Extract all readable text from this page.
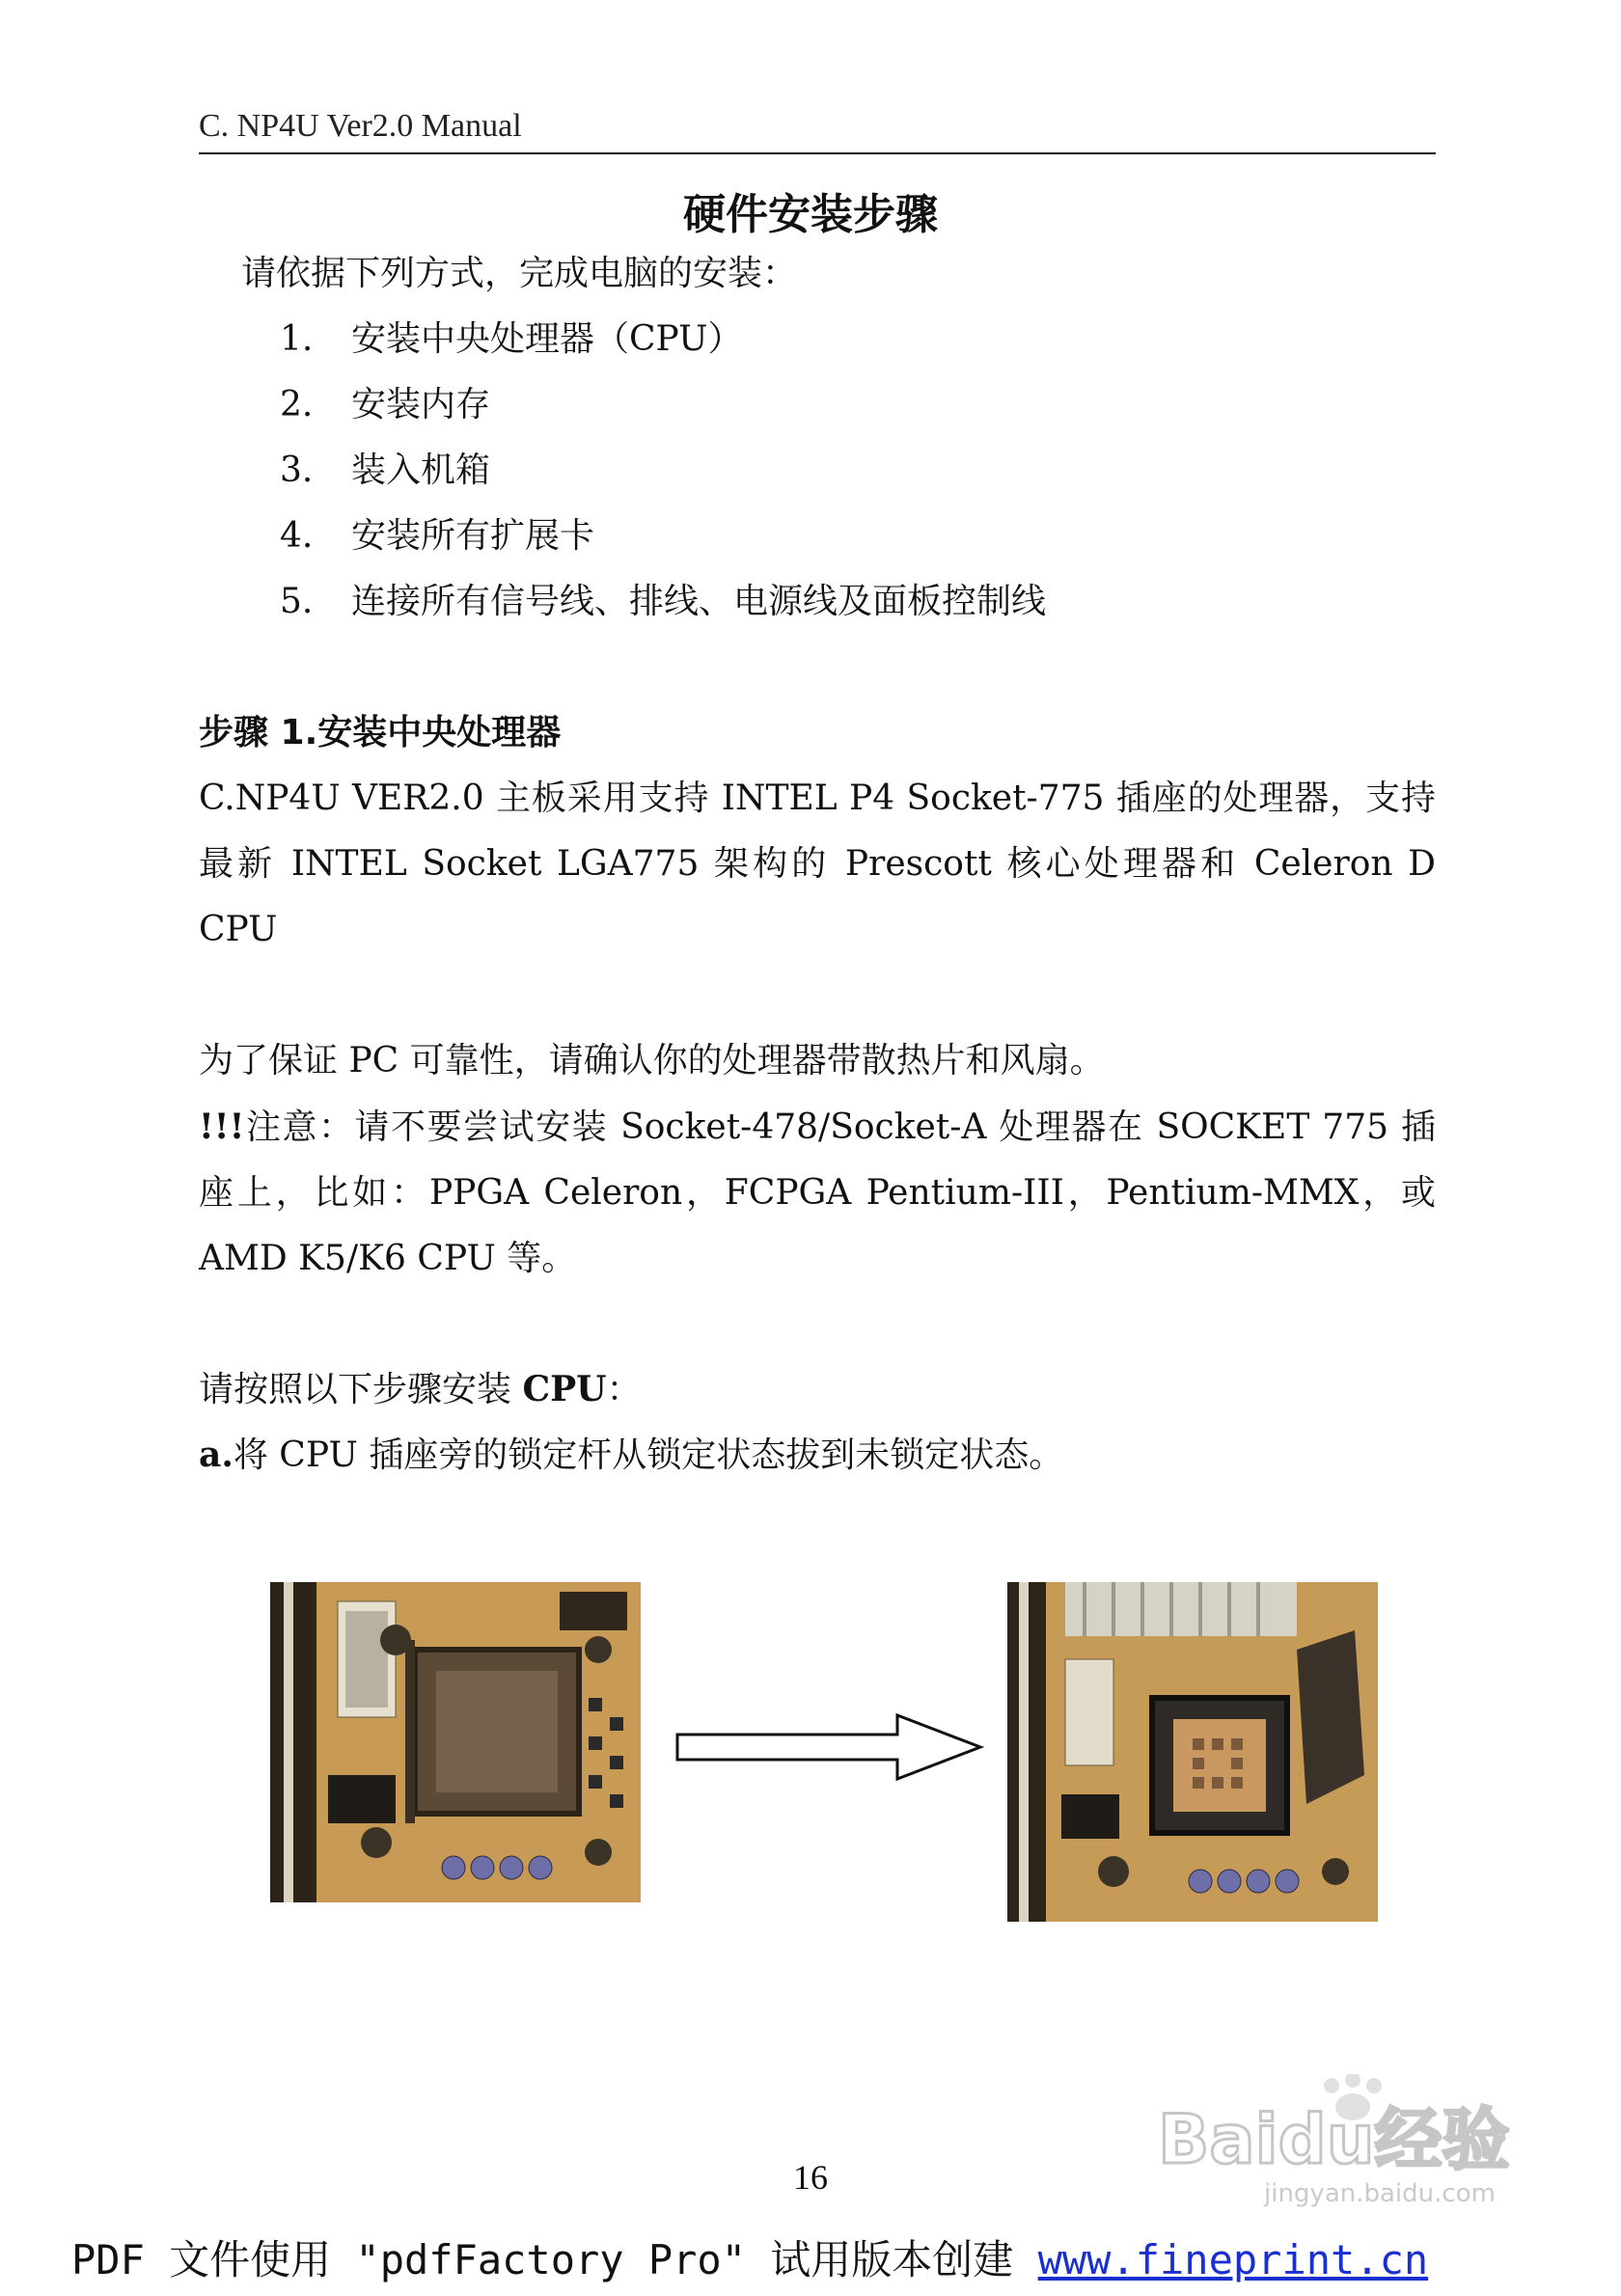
C. NP4U Ver2.0 Manual
硬件安装步骤
请依据下列方式，完成电脑的安装：
1.	安装中央处理器（CPU）
2.	安装内存
3.	装入机箱
4.	安装所有扩展卡
5.	连接所有信号线、排线、电源线及面板控制线
步骤 1.安装中央处理器

C.NP4U VER2.0 主板采用支持 INTEL P4 Socket-775 插座的处理器，支持最新 INTEL Socket LGA775 架构的 Prescott 核心处理器和 Celeron D CPU

为了保证 PC 可靠性，请确认你的处理器带散热片和风扇。

!!!注意：请不要尝试安装 Socket-478/Socket-A 处理器在 SOCKET 775 插座上，比如：PPGA Celeron，FCPGA Pentium-III，Pentium-MMX，或 AMD K5/K6 CPU 等。

请按照以下步骤安装 CPU：

a.将 CPU 插座旁的锁定杆从锁定状态拔到未锁定状态。

16	Baidu经验
jingyan.baidu.com
PDF 文件使用 "pdfFactory Pro" 试用版本创建 www.fineprint.cn
